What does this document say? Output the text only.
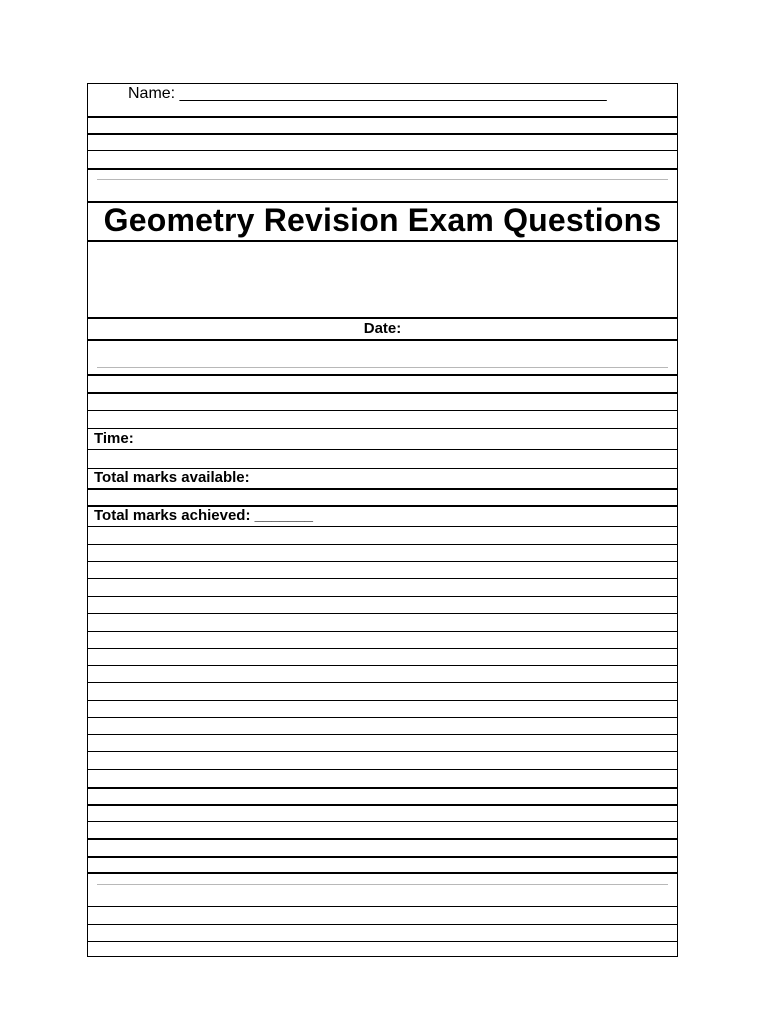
Name: ________________________________________________
Geometry Revision Exam Questions
Date:
Time:
Total marks available:
Total marks achieved: _______
